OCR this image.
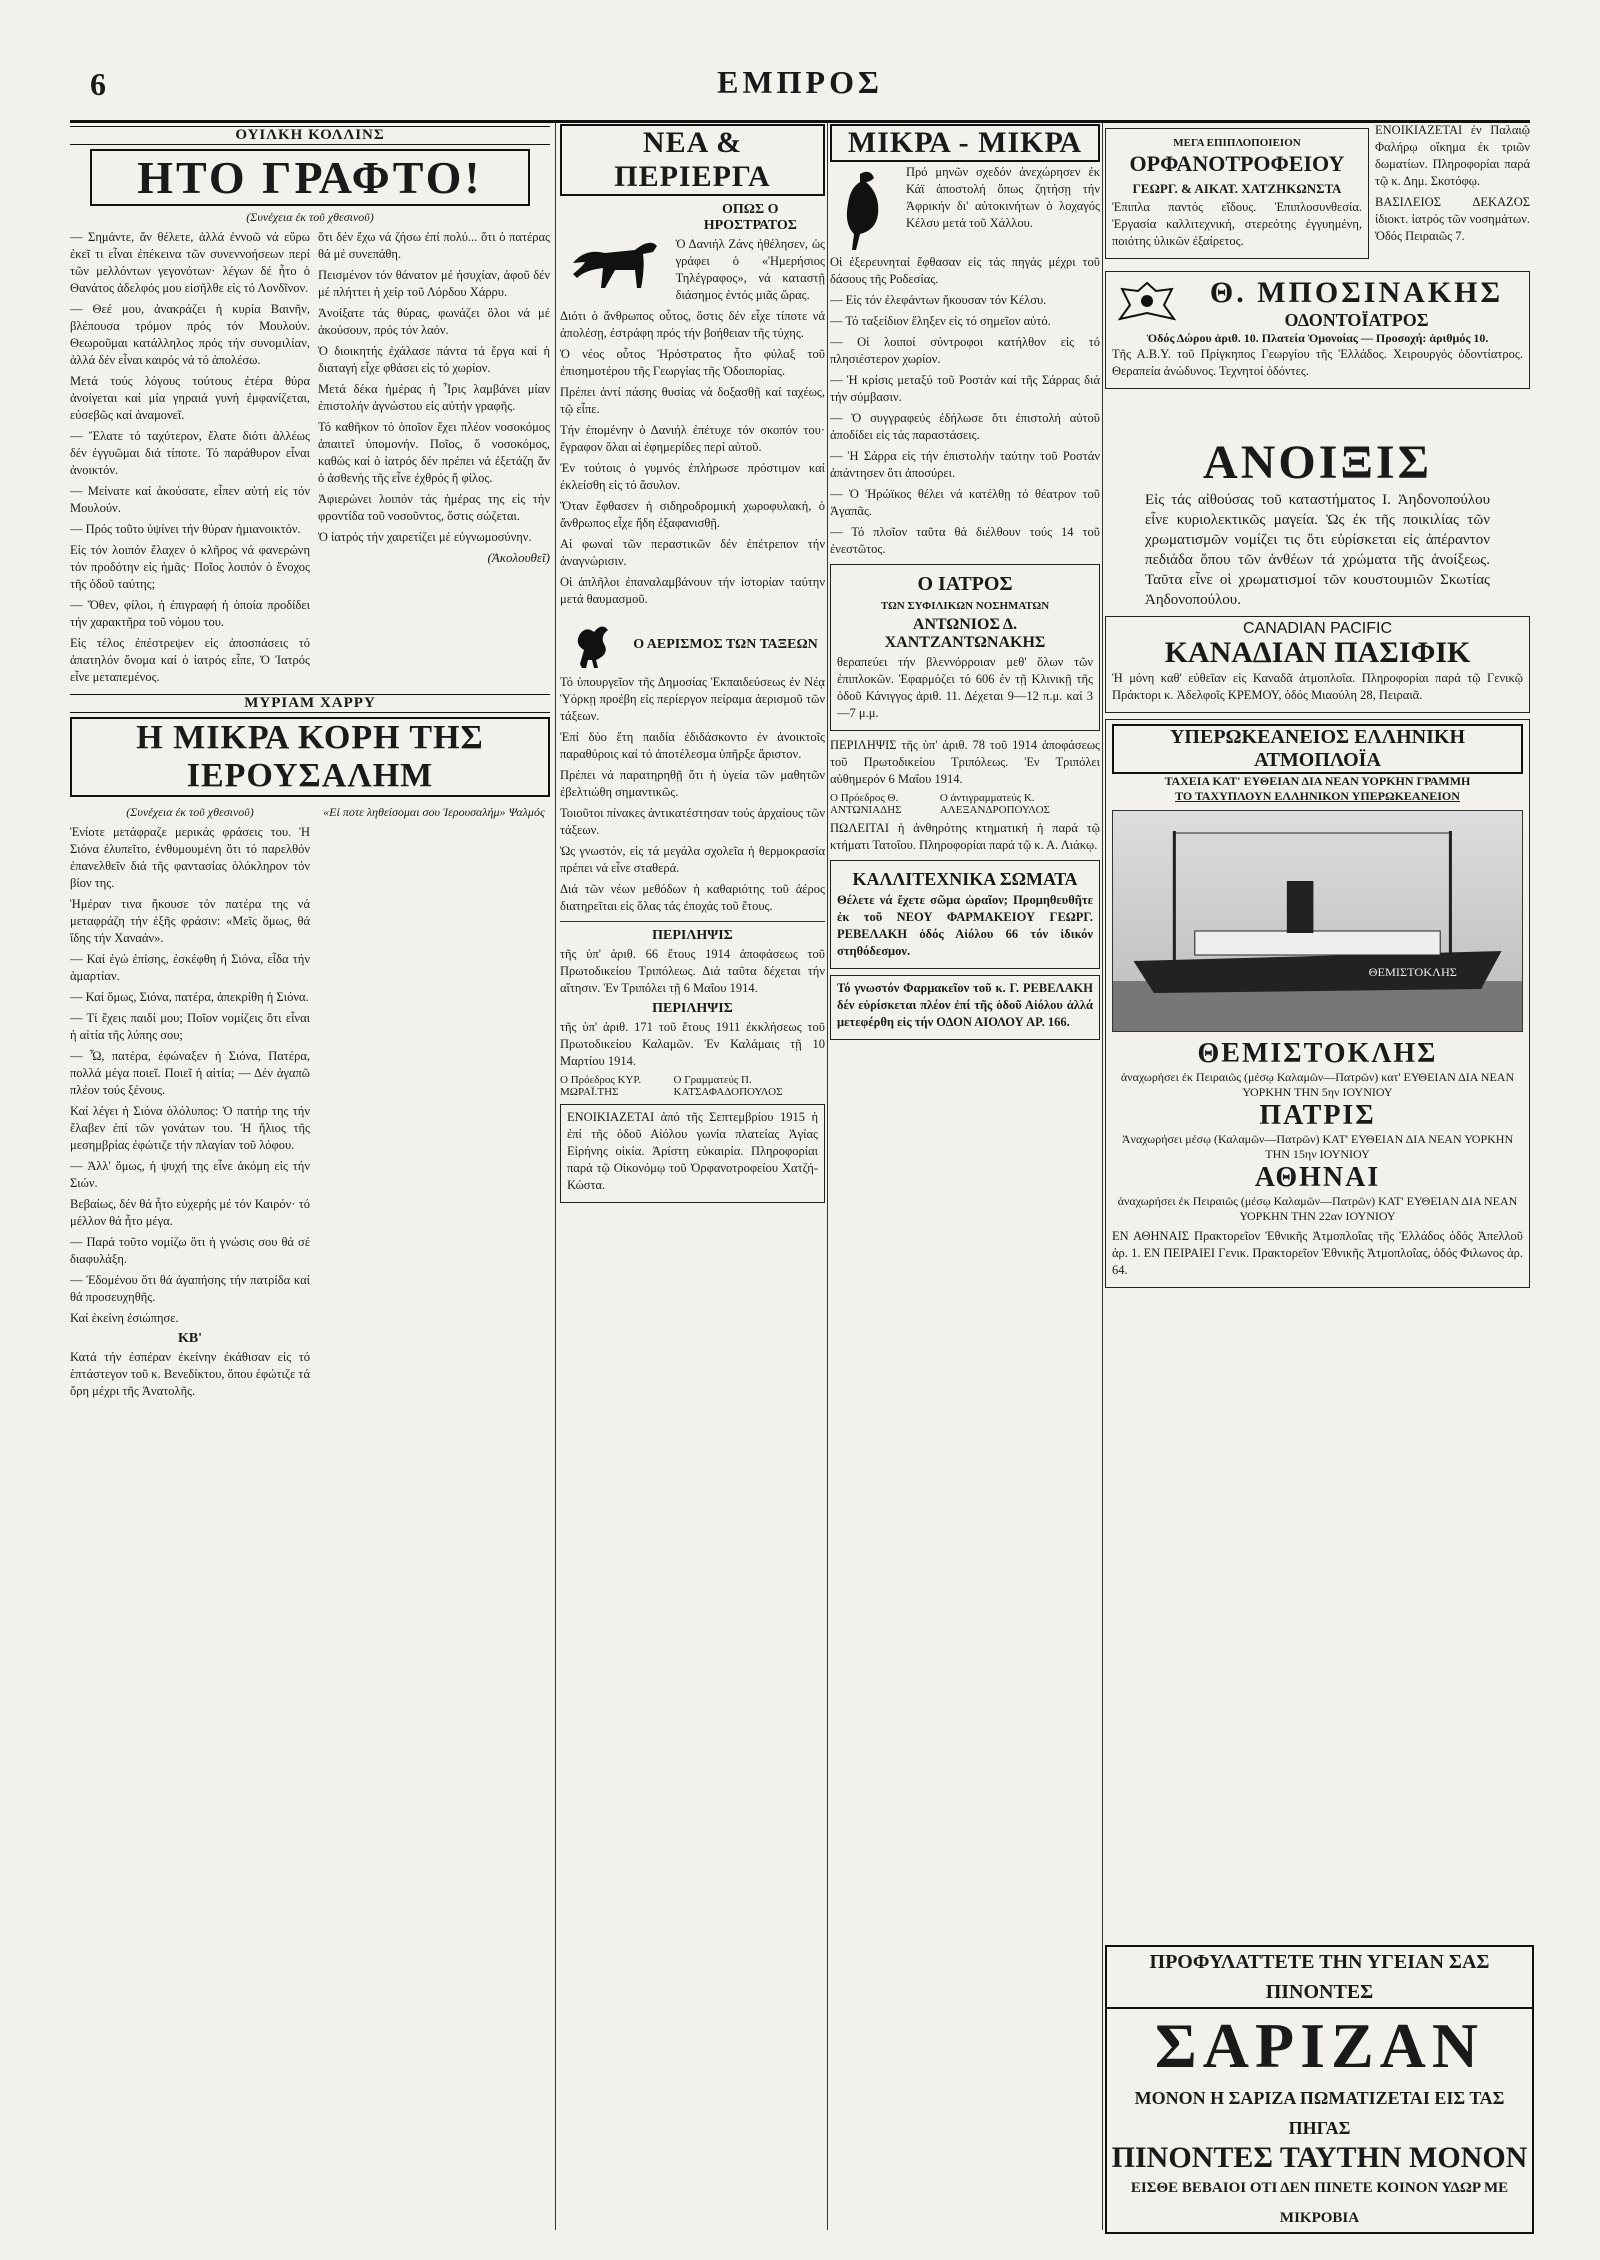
6	ΕΜΠΡΟΣ
ΟΥΙΛΚΗ ΚΟΛΛΙΝΣ
ΗΤΟ ΓΡΑΦΤΟ!
(Συνέχεια έκ τοῦ χθεσινοῦ)

— Σημάντε, ἄν θέλετε, ἀλλά ἐννοῶ νά εὕρω ἐκεῖ τι εἶναι ἐπέκεινα τῶν συνεννοήσεων περί τῶν μελλόντων γεγονότων· λέγων δέ ἦτο ὁ Θανάτος ἀδελφός μου εἰσῆλθε εἰς τό Λονδῖνον.

— Θεέ μου, ἀνακράζει ἡ κυρία Βαινῆν, βλέπουσα τρόμον πρός τόν Μουλούν. Θεωροῦμαι κατάλληλος πρός τήν συνομιλίαν, ἀλλά δέν εἶναι καιρός νά τό ἀπολέσω.

Μετά τούς λόγους τούτους ἐτέρα θύρα ἀνοίγεται καί μία γηραιά γυνή ἐμφανίζεται, εὐσεβῶς καί ἀναμονεῖ.

— Ἔλατε τό ταχύτερον, ἔλατε διότι ἀλλέως δέν ἐγγυῶμαι διά τίποτε. Τό παράθυρον εἶναι ἀνοικτόν.

— Μείνατε καί ἀκούσατε, εἶπεν αὐτή εἰς τόν Μουλούν.

— Πρός τοῦτο ὑψίνει τήν θύραν ἡμιανοικτόν.

Εἰς τόν λοιπόν ἔλαχεν ὁ κλῆρος νά φανερώνη τόν προδότην εἰς ἡμᾶς· Ποῖος λοιπόν ὁ ἔνοχος τῆς ὁδοῦ ταύτης;

— Ὅθεν, φίλοι, ἡ ἐπιγραφή ἡ ὁποία προδίδει τήν χαρακτῆρα τοῦ νόμου του.

Εἰς τέλος ἐπέστρεψεν εἰς ἀποσπάσεις τό ἀπατηλόν ὄνομα καί ὁ ἰατρός εἶπε, Ὁ Ἰατρός εἶνε μεταπεμένος.

ὅτι δέν ἔχω νά ζήσω ἐπί πολύ... ὅτι ὁ πατέρας θά μέ συνεπάθη.

Πεισμένον τόν θάνατον μέ ἡσυχίαν, ἀφοῦ δέν μέ πλήττει ἡ χείρ τοῦ Λόρδου Χάρρυ.

Ἀνοίξατε τάς θύρας, φωνάζει ὅλοι νά μέ ἀκούσουν, πρός τόν λαόν.

Ὁ διοικητής ἐχάλασε πάντα τά ἔργα καί ἡ διαταγή εἶχε φθάσει εἰς τό χωρίον.

Μετά δέκα ἡμέρας ἡ Ἶρις λαμβάνει μίαν ἐπιστολήν ἀγνώστου εἰς αὐτήν γραφῆς.

Τό καθῆκον τό ὁποῖον ἔχει πλέον νοσοκόμος ἀπαιτεῖ ὑπομονήν. Ποῖος, ὅ νοσοκόμος, καθώς καί ὁ ἰατρός δέν πρέπει νά ἐξετάζη ἄν ὁ ἀσθενής τῆς εἶνε ἐχθρός ἤ φίλος.

Ἀφιερώνει λοιπόν τάς ἡμέρας της εἰς τήν φροντίδα τοῦ νοσοῦντος, ὅστις σώζεται.

Ὁ ἰατρός τήν χαιρετίζει μέ εὐγνωμοσύνην.

(Ἀκολουθεῖ)
ΜΥΡΙΑΜ ΧΑΡΡΥ
Η ΜΙΚΡΑ ΚΟΡΗ ΤΗΣ ΙΕΡΟΥΣΑΛΗΜ
(Συνέχεια έκ τοῦ χθεσινοῦ)

Ἐνίοτε μετάφραζε μερικάς φράσεις του. Ἡ Σιόνα ἐλυπεῖτο, ἐνθυμουμένη ὅτι τό παρελθόν ἐπανελθεῖν διά τῆς φαντασίας ὁλόκληρον τόν βίον της.

Ἡμέραν τινα ἤκουσε τόν πατέρα της νά μεταφράζη τήν ἑξῆς φράσιν: «Μεῖς ὅμως, θά ἴδης τήν Χαναάν».

— Καί ἐγώ ἐπίσης, ἐσκέφθη ἡ Σιόνα, εἶδα τήν ἁμαρτίαν.

— Καί ὅμως, Σιόνα, πατέρα, ἀπεκρίθη ἡ Σιόνα.

— Τί ἔχεις παιδί μου; Ποῖον νομίζεις ὅτι εἶναι ἡ αἰτία τῆς λύπης σου;

— Ὦ, πατέρα, ἐφώναξεν ἡ Σιόνα, Πατέρα, πολλά μέγα ποιεῖ. Ποιεῖ ἡ αἰτία; — Δέν ἀγαπῶ πλέον τούς ξένους.

Καί λέγει ἡ Σιόνα ὁλόλυπος: Ὁ πατήρ της τήν ἔλαβεν ἐπί τῶν γονάτων του. Ἡ ἥλιος τῆς μεσημβρίας ἐφώτιζε τήν πλαγίαν τοῦ λόφου.

— Ἀλλ' ὅμως, ἡ ψυχή της εἶνε ἀκόμη εἰς τήν Σιών.

Βεβαίως, δέν θά ἦτο εὐχερής μέ τόν Καιρόν· τό μέλλον θά ἦτο μέγα.

— Παρά τοῦτο νομίζω ὅτι ἡ γνώσις σου θά σέ διαφυλάξη.

— Ἐδομένου ὅτι θά ἀγαπήσης τήν πατρίδα καί θά προσευχηθῆς.

Καί ἐκείνη ἐσιώπησε.

ΚΒ'

Κατά τήν ἐσπέραν ἐκείνην ἐκάθισαν εἰς τό ἑπτάστεγον τοῦ κ. Βενεδίκτου, ὅπου ἐφώτιζε τά ὄρη μέχρι τῆς Ἀνατολῆς.

«Εἰ ποτε ληθείσομαι σου Ἱερουσαλήμ» Ψαλμός
ΝΕΑ & ΠΕΡΙΕΡΓΑ
ΟΠΩΣ Ο ΗΡΟΣΤΡΑΤΟΣ

Ὁ Δανιήλ Ζάνς ἠθέλησεν, ὡς γράφει ὁ «Ἠμερήσιος Τηλέγραφος», νά καταστῇ διάσημος ἐντός μιᾶς ὥρας.

Διότι ὁ ἄνθρωπος οὗτος, ὅστις δέν εἶχε τίποτε νά ἀπολέσῃ, ἐστράφη πρός τήν βοήθειαν τῆς τύχης.

Ὁ νέος οὗτος Ἡρόστρατος ἦτο φύλαξ τοῦ ἐπισημοτέρου τῆς Γεωργίας τῆς Ὀδοιπορίας.

Πρέπει ἀντί πάσης θυσίας νά δοξασθῇ καί ταχέως, τῷ εἶπε.

Τήν ἐπομένην ὁ Δανιήλ ἐπέτυχε τόν σκοπόν του· ἔγραφον ὅλαι αἱ ἐφημερίδες περί αὐτοῦ.

Ἐν τούτοις ὁ γυμνός ἐπλήρωσε πρόστιμον καί ἐκλείσθη εἰς τό ἄσυλον.

Ὅταν ἔφθασεν ἡ σιδηροδρομική χωροφυλακή, ὁ ἄνθρωπος εἶχε ἤδη ἐξαφανισθῇ.

Αἱ φωναί τῶν περαστικῶν δέν ἐπέτρεπον τήν ἀναγνώρισιν.

Οἱ ἀπλῆλοι ἐπαναλαμβάνουν τήν ἱστορίαν ταύτην μετά θαυμασμοῦ.

Ο ΑΕΡΙΣΜΟΣ ΤΩΝ ΤΑΞΕΩΝ

Τό ὑπουργεῖον τῆς Δημοσίας Ἐκπαιδεύσεως ἐν Νέᾳ Ὑόρκῃ προέβη εἰς περίεργον πείραμα ἀερισμοῦ τῶν τάξεων.

Ἐπί δύο ἔτη παιδία ἐδιδάσκοντο ἐν ἀνοικτοῖς παραθύροις καί τό ἀποτέλεσμα ὑπῆρξε ἄριστον.

Πρέπει νά παρατηρηθῇ ὅτι ἡ ὑγεία τῶν μαθητῶν ἐβελτιώθη σημαντικῶς.

Τοιοῦτοι πίνακες ἀντικατέστησαν τούς ἀρχαίους τῶν τάξεων.

Ὡς γνωστόν, εἰς τά μεγάλα σχολεῖα ἡ θερμοκρασία πρέπει νά εἶνε σταθερά.

Διά τῶν νέων μεθόδων ἡ καθαριότης τοῦ ἀέρος διατηρεῖται εἰς ὅλας τάς ἐποχάς τοῦ ἔτους.

ΠΕΡΙΛΗΨΙΣ

τῆς ὑπ' ἀριθ. 66 ἔτους 1914 ἀποφάσεως τοῦ Πρωτοδικείου Τριπόλεως. Διά ταῦτα δέχεται τήν αἴτησιν. Ἐν Τριπόλει τῇ 6 Μαΐου 1914.

ΠΕΡΙΛΗΨΙΣ

τῆς ὑπ' ἀριθ. 171 τοῦ ἔτους 1911 ἐκκλήσεως τοῦ Πρωτοδικείου Καλαμῶν. Ἐν Καλάμαις τῇ 10 Μαρτίου 1914.

Ο Πρόεδρος ΚΥΡ. ΜΩΡΑΪ.ΤΗΣ
Ο Γραμματεύς Π. ΚΑΤΣΑΦΑΔΟΠΟΥΛΟΣ

ΕΝΟΙΚΙΑΖΕΤΑΙ ἀπό τῆς Σεπτεμβρίου 1915 ἡ ἐπί τῆς ὁδοῦ Αἰόλου γωνία πλατείας Ἁγίας Εἰρήνης οἰκία. Ἀρίστη εὐκαιρία. Πληροφορίαι παρά τῷ Οἰκονόμῳ τοῦ Ὀρφανοτροφείου Χατζή-Κώστα.

ΜΙΚΡΑ - ΜΙΚΡΑ

Πρό μηνῶν σχεδόν ἀνεχώρησεν ἐκ Κάϊ ἀποστολή ὅπως ζητήσῃ τήν Ἀφρικήν δι' αὐτοκινήτων ὁ λοχαγός Κέλσυ μετά τοῦ Χάλλου.

Οἱ ἐξερευνηταί ἔφθασαν εἰς τάς πηγάς μέχρι τοῦ δάσους τῆς Ροδεσίας.

— Εἰς τόν ἐλεφάντων ἤκουσαν τόν Κέλσυ.

— Τό ταξείδιον ἔληξεν εἰς τό σημεῖον αὐτό.

— Οἱ λοιποί σύντροφοι κατήλθον εἰς τό πλησιέστερον χωρίον.

— Ἡ κρίσις μεταξύ τοῦ Ροστάν καί τῆς Σάρρας διά τήν σύμβασιν.

— Ὁ συγγραφεύς ἐδήλωσε ὅτι ἐπιστολή αὐτοῦ ἀποδίδει εἰς τάς παραστάσεις.

— Ἡ Σάρρα εἰς τήν ἐπιστολήν ταύτην τοῦ Ροστάν ἀπάντησεν ὅτι ἀποσύρει.

— Ὁ Ἡρώϊκος θέλει νά κατέλθῃ τό θέατρον τοῦ Ἀγαπᾶς.

— Τό πλοῖον ταῦτα θά διέλθουν τούς 14 τοῦ ἐνεστῶτος.

Ο ΙΑΤΡΟΣ
ΤΩΝ ΣΥΦΙΛΙΚΩΝ ΝΟΣΗΜΑΤΩΝ
ΑΝΤΩΝΙΟΣ Δ. ΧΑΝΤΖΑΝΤΩΝΑΚΗΣ

θεραπεύει τήν βλεννόρροιαν μεθ' ὅλων τῶν ἐπιπλοκῶν. Ἐφαρμόζει τό 606 ἐν τῇ Κλινικῇ τῆς ὁδοῦ Κάνιγγος ἀριθ. 11. Δέχεται 9—12 π.μ. καί 3—7 μ.μ.

ΠΕΡΙΛΗΨΙΣ τῆς ὑπ' ἀριθ. 78 τοῦ 1914 ἀποφάσεως τοῦ Πρωτοδικείου Τριπόλεως. Ἐν Τριπόλει αὐθημερόν 6 Μαΐου 1914.

Ο Πρόεδρος Θ. ΑΝΤΩΝΙΑΔΗΣ
Ο ἀντιγραμματεύς Κ. ΑΛΕΞΑΝΔΡΟΠΟΥΛΟΣ

ΠΩΛΕΙΤΑΙ ἡ ἀνθηρότης κτηματική ἡ παρά τῷ κτήματι Τατοΐου. Πληροφορίαι παρά τῷ κ. Α. Λιάκῳ.

ΚΑΛΛΙΤΕΧΝΙΚΑ ΣΩΜΑΤΑ

Θέλετε νά ἔχετε σῶμα ὡραῖον; Προμηθευθῆτε ἐκ τοῦ ΝΕΟΥ ΦΑΡΜΑΚΕΙΟΥ ΓΕΩΡΓ. ΡΕΒΕΛΑΚΗ ὁδός Αἰόλου 66 τόν ἰδικόν στηθόδεσμον.

Τό γνωστόν Φαρμακεῖον τοῦ κ. Γ. ΡΕΒΕΛΑΚΗ δέν εὑρίσκεται πλέον ἐπί τῆς ὁδοῦ Αἰόλου ἀλλά μετεφέρθη εἰς τήν ΟΔΟΝ ΑΙΟΛΟΥ ΑΡ. 166.

ΜΕΓΑ ΕΠΙΠΛΟΠΟΙΕΙΟΝ
ΟΡΦΑΝΟΤΡΟΦΕΙΟΥ
ΓΕΩΡΓ. & ΑΙΚΑΤ. ΧΑΤΖΗΚΩΝΣΤΑ

Ἐπιπλα παντός εἴδους. Ἐπιπλοσυνθεσία. Ἐργασία καλλιτεχνική, στερεότης ἐγγυημένη, ποιότης ὑλικῶν ἐξαίρετος.

ΕΝΟΙΚΙΑΖΕΤΑΙ ἐν Παλαιῷ Φαλήρῳ οἴκημα ἐκ τριῶν δωματίων. Πληροφορίαι παρά τῷ κ. Δημ. Σκοτόφῳ.

ΒΑΣΙΛΕΙΟΣ ΔΕΚΑΖΟΣ ἰδιοκτ. ἰατρός τῶν νοσημάτων. Ὁδός Πειραιῶς 7.

Θ. ΜΠΟΣΙΝΑΚΗΣ
ΟΔΟΝΤΟΪΑΤΡΟΣ
Ὁδός Δώρου ἀριθ. 10. Πλατεία Ὁμονοίας — Προσοχή: ἀριθμός 10.

Τῆς Α.Β.Υ. τοῦ Πρίγκηπος Γεωργίου τῆς Ἑλλάδος. Χειρουργός ὀδοντίατρος. Θεραπεία ἀνώδυνος. Τεχνητοί ὀδόντες.

ΑΝΟΙΞΙΣ

Εἰς τάς αἰθούσας τοῦ καταστήματος Ι. Ἀηδονοπούλου εἶνε κυριολεκτικῶς μαγεία. Ὡς ἐκ τῆς ποικιλίας τῶν χρωματισμῶν νομίζει τις ὅτι εὑρίσκεται εἰς ἀπέραντον πεδιάδα ὅπου τῶν ἀνθέων τά χρώματα τῆς ἀνοίξεως. Ταῦτα εἶνε οἱ χρωματισμοί τῶν κουστουμιῶν Σκωτίας Ἀηδονοπούλου.

CANADIAN PACIFIC
ΚΑΝΑΔΙΑΝ ΠΑΣΙΦΙΚ

Ἡ μόνη καθ' εὐθεῖαν εἰς Καναδᾶ ἀτμοπλοΐα. Πληροφορίαι παρά τῷ Γενικῷ Πράκτορι κ. Ἀδελφοῖς ΚΡΕΜΟΥ, ὁδός Μιαούλη 28, Πειραιᾶ.

ΥΠΕΡΩΚΕΑΝΕΙΟΣ ΕΛΛΗΝΙΚΗ ΑΤΜΟΠΛΟΪΑ
ΤΑΧΕΙΑ ΚΑΤ' ΕΥΘΕΙΑΝ ΔΙΑ ΝΕΑΝ ΥΟΡΚΗΝ ΓΡΑΜΜΗ
ΤΟ ΤΑΧΥΠΛΟΥΝ ΕΛΛΗΝΙΚΟΝ ΥΠΕΡΩΚΕΑΝΕΙΟΝ
ΘΕΜΙΣΤΟΚΛΗΣ
ΘΕΜΙΣΤΟΚΛΗΣ
ἀναχωρήσει ἐκ Πειραιῶς (μέσῳ Καλαμῶν—Πατρῶν) κατ' ΕΥΘΕΙΑΝ ΔΙΑ ΝΕΑΝ ΥΟΡΚΗΝ ΤΗΝ 5ην ΙΟΥΝΙΟΥ
ΠΑΤΡΙΣ
Ἀναχωρήσει μέσῳ (Καλαμῶν—Πατρῶν) ΚΑΤ' ΕΥΘΕΙΑΝ ΔΙΑ ΝΕΑΝ ΥΟΡΚΗΝ ΤΗΝ 15ην ΙΟΥΝΙΟΥ
ΑΘΗΝΑΙ
ἀναχωρήσει ἐκ Πειραιῶς (μέσῳ Καλαμῶν—Πατρῶν) ΚΑΤ' ΕΥΘΕΙΑΝ ΔΙΑ ΝΕΑΝ ΥΟΡΚΗΝ ΤΗΝ 22αν ΙΟΥΝΙΟΥ

ΕΝ ΑΘΗΝΑΙΣ Πρακτορεῖον Ἐθνικῆς Ἀτμοπλοΐας τῆς Ἑλλάδος ὁδός Ἀπελλοῦ ἀρ. 1. ΕΝ ΠΕΙΡΑΙΕΙ Γενικ. Πρακτορεῖον Ἐθνικῆς Ἀτμοπλοΐας, ὁδός Φιλωνος ἀρ. 64.

ΠΡΟΦΥΛΑΤΤΕΤΕ ΤΗΝ ΥΓΕΙΑΝ ΣΑΣ ΠΙΝΟΝΤΕΣ
ΣΑΡΙΖΑΝ
ΜΟΝΟΝ Η ΣΑΡΙΖΑ ΠΩΜΑΤΙΖΕΤΑΙ ΕΙΣ ΤΑΣ ΠΗΓΑΣ
ΠΙΝΟΝΤΕΣ ΤΑΥΤΗΝ ΜΟΝΟΝ
ΕΙΣΘΕ ΒΕΒΑΙΟΙ ΟΤΙ ΔΕΝ ΠΙΝΕΤΕ ΚΟΙΝΟΝ ΥΔΩΡ ΜΕ ΜΙΚΡΟΒΙΑ
